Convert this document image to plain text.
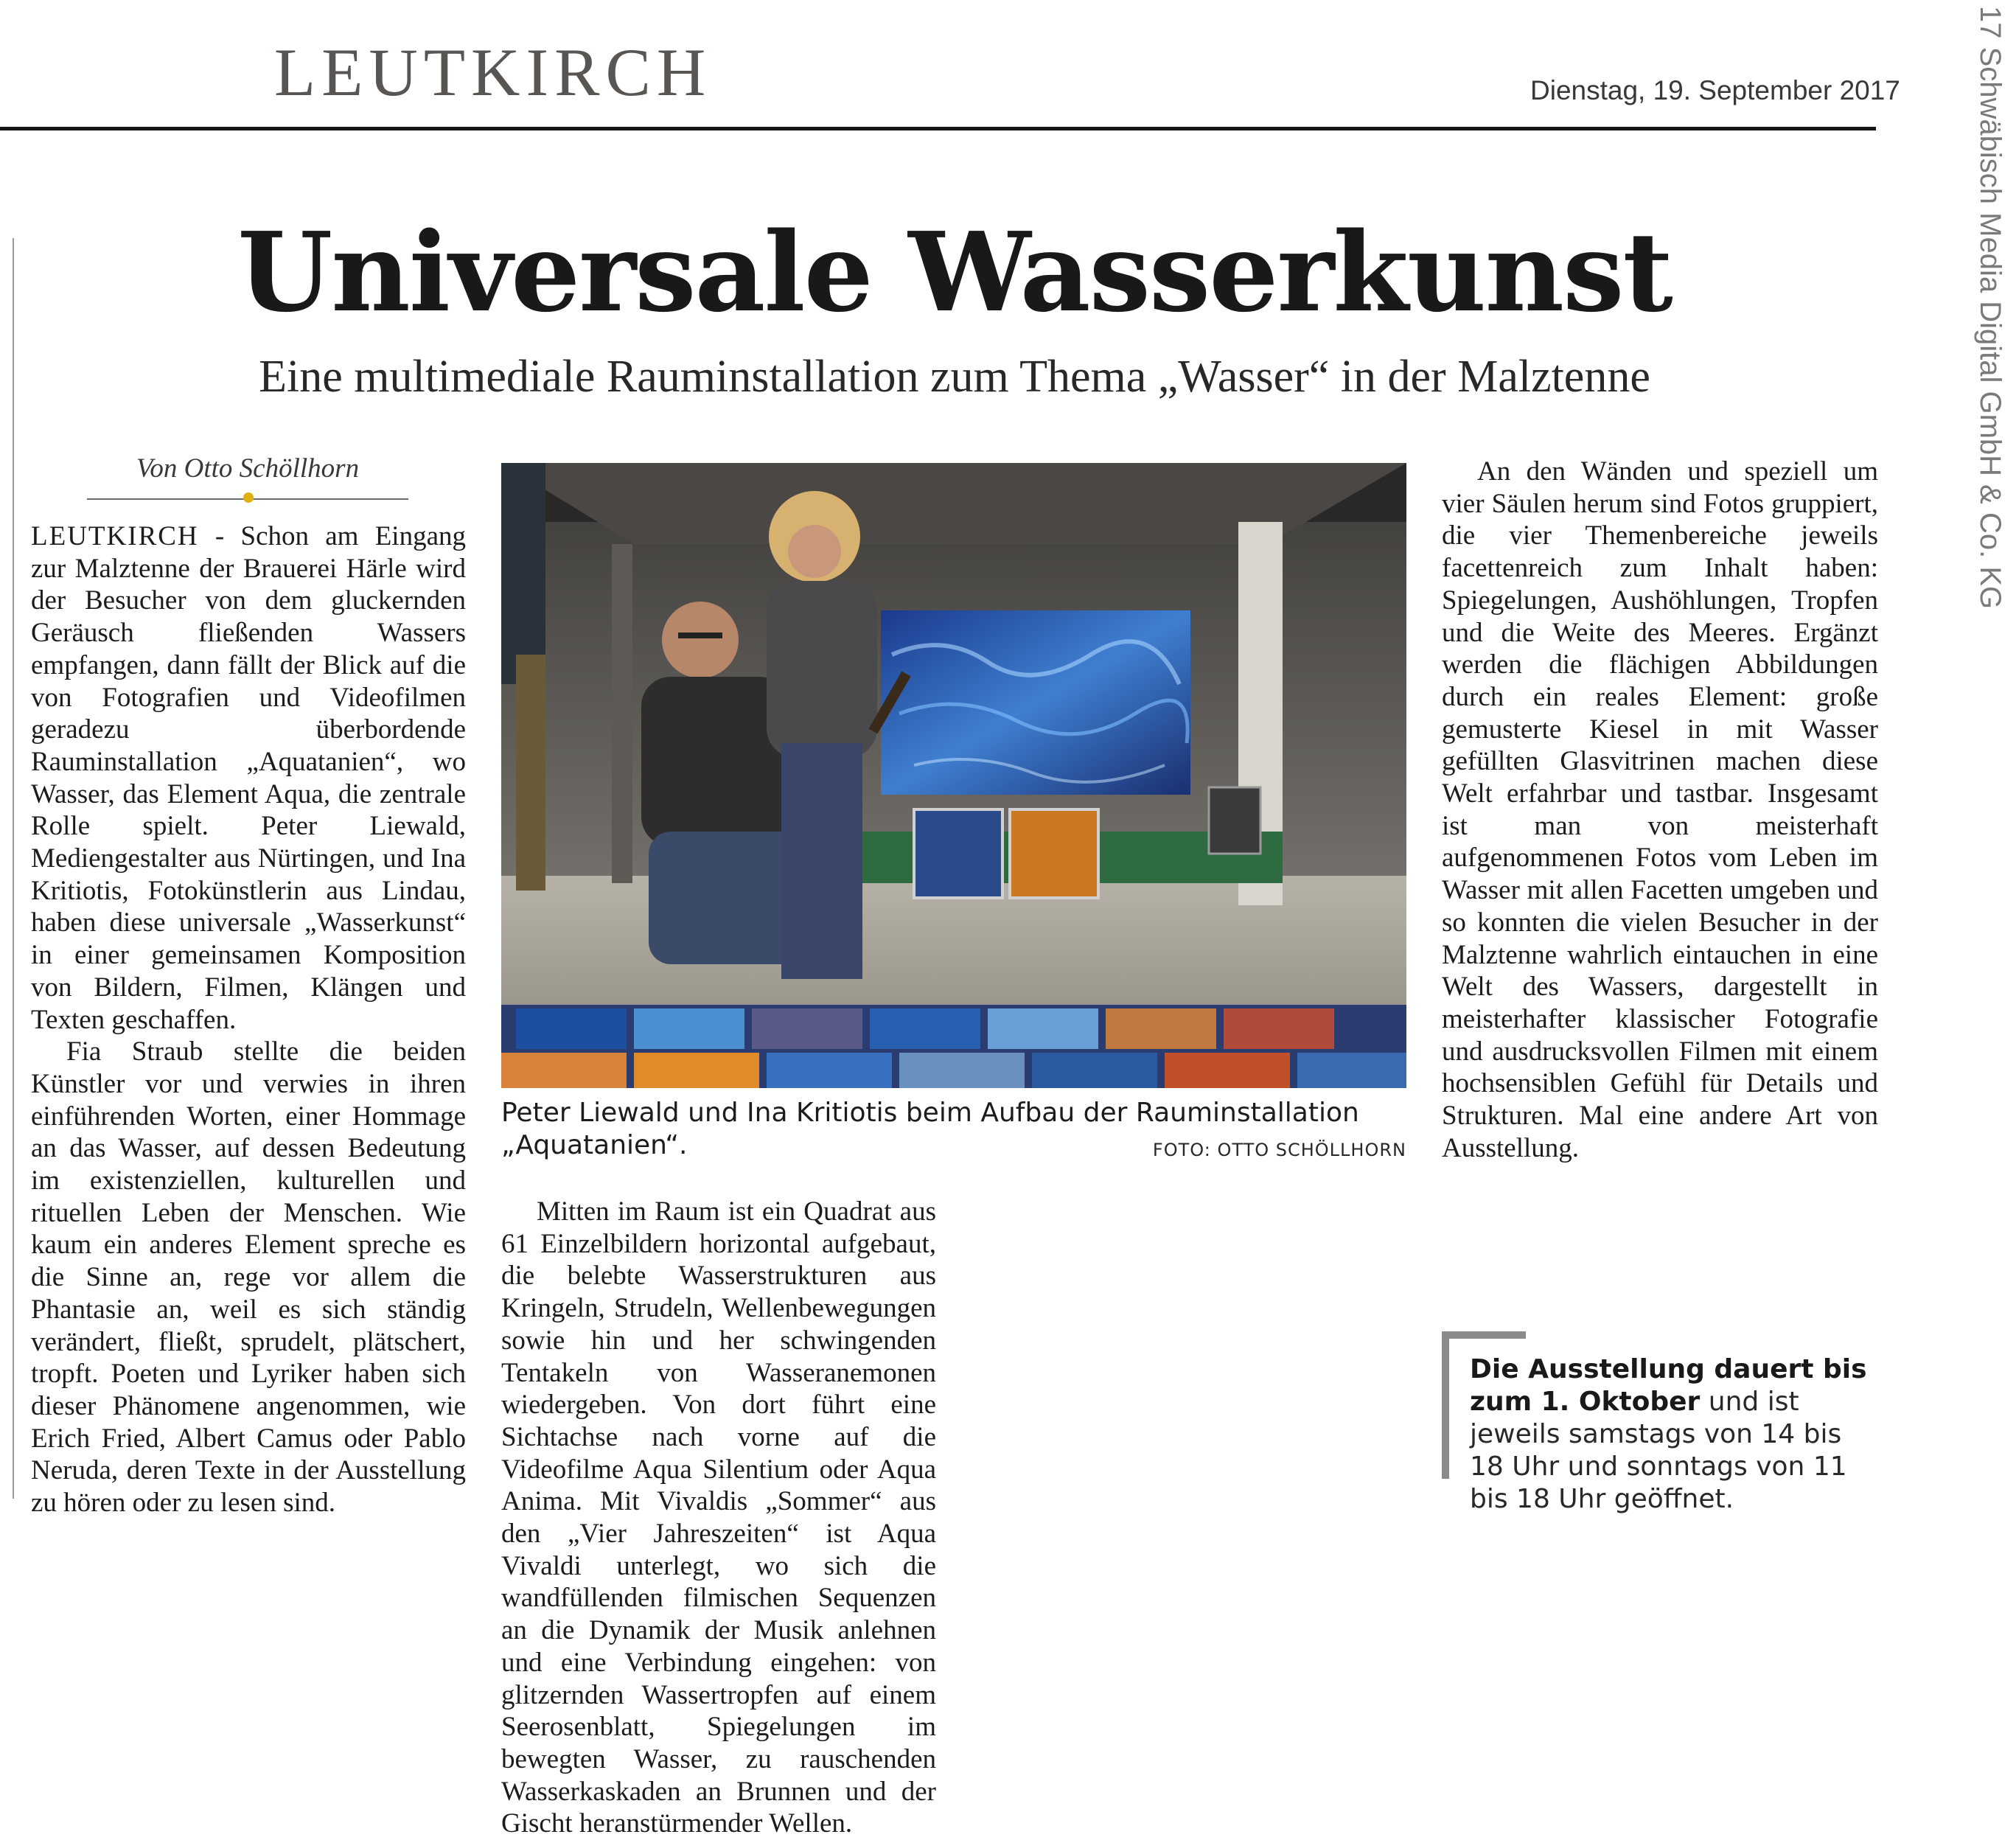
LEUTKIRCH	Dienstag, 19. September 2017	17 Schwäbisch Media Digital GmbH & Co. KG
Universale Wasserkunst
Eine multimediale Rauminstallation zum Thema „Wasser“ in der Malztenne
Von Otto Schöllhorn

LEUTKIRCH - Schon am Eingang zur Malztenne der Brauerei Härle wird der Besucher von dem gluckernden Geräusch fließenden Wassers empfangen, dann fällt der Blick auf die von Fotografien und Videofilmen geradezu überbordende Rauminstallation „Aquatanien“, wo Wasser, das Element Aqua, die zentrale Rolle spielt. Peter Liewald, Mediengestalter aus Nürtingen, und Ina Kritiotis, Fotokünstlerin aus Lindau, haben diese universale „Wasserkunst“ in einer gemeinsamen Komposition von Bildern, Filmen, Klängen und Texten geschaffen.

Fia Straub stellte die beiden Künstler vor und verwies in ihren einführenden Worten, einer Hommage an das Wasser, auf dessen Bedeutung im existenziellen, kulturellen und rituellen Leben der Menschen. Wie kaum ein anderes Element spreche es die Sinne an, rege vor allem die Phantasie an, weil es sich ständig verändert, fließt, sprudelt, plätschert, tropft. Poeten und Lyriker haben sich dieser Phänomene angenommen, wie Erich Fried, Albert Camus oder Pablo Neruda, deren Texte in der Ausstellung zu hören oder zu lesen sind.

Peter Liewald und Ina Kritiotis beim Aufbau der Rauminstallation „Aquatanien“.	FOTO: OTTO SCHÖLLHORN

Mitten im Raum ist ein Quadrat aus 61 Einzelbildern horizontal aufgebaut, die belebte Wasserstrukturen aus Kringeln, Strudeln, Wellenbewegungen sowie hin und her schwingenden Tentakeln von Wasseranemonen wiedergeben. Von dort führt eine Sichtachse nach vorne auf die Videofilme Aqua Silentium oder Aqua Anima. Mit Vivaldis „Sommer“ aus den „Vier Jahreszeiten“ ist Aqua Vivaldi unterlegt, wo sich die wandfüllenden filmischen Sequenzen an die Dynamik der Musik anlehnen und eine Verbindung eingehen: von glitzernden Wassertropfen auf einem Seerosenblatt, Spiegelungen im bewegten Wasser, zu rauschenden Wasserkaskaden an Brunnen und der Gischt heranstürmender Wellen.

An den Wänden und speziell um vier Säulen herum sind Fotos gruppiert, die vier Themenbereiche jeweils facettenreich zum Inhalt haben: Spiegelungen, Aushöhlungen, Tropfen und die Weite des Meeres. Ergänzt werden die flächigen Abbildungen durch ein reales Element: große gemusterte Kiesel in mit Wasser gefüllten Glasvitrinen machen diese Welt erfahrbar und tastbar. Insgesamt ist man von meisterhaft aufgenommenen Fotos vom Leben im Wasser mit allen Facetten umgeben und so konnten die vielen Besucher in der Malztenne wahrlich eintauchen in eine Welt des Wassers, dargestellt in meisterhafter klassischer Fotografie und ausdrucksvollen Filmen mit einem hochsensiblen Gefühl für Details und Strukturen. Mal eine andere Art von Ausstellung.

Die Ausstellung dauert bis zum 1. Oktober und ist jeweils samstags von 14 bis 18 Uhr und sonntags von 11 bis 18 Uhr geöffnet.
